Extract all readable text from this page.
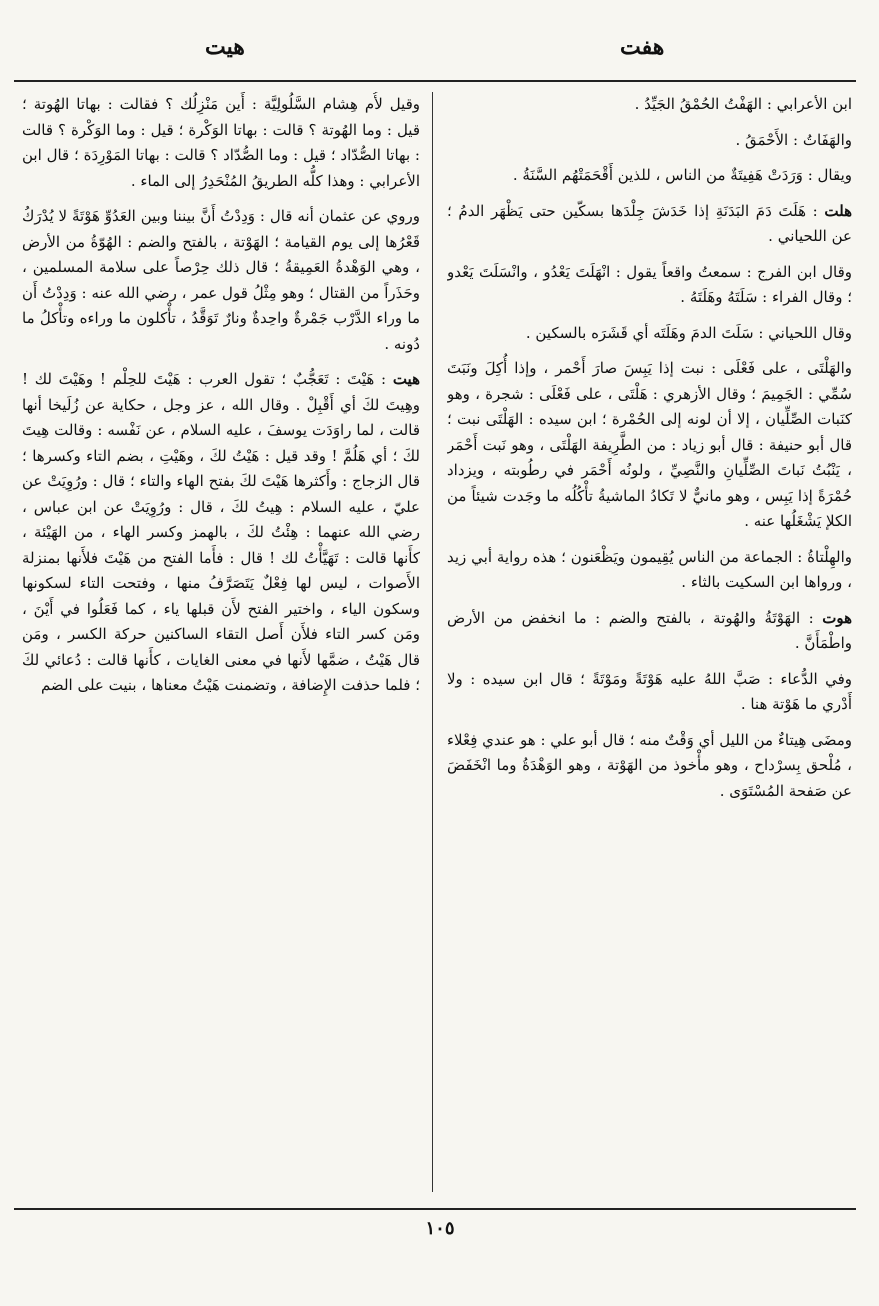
هفت
هيت

ابن الأعرابي : الهَفْتُ الحُمْقُ الجَيِّدُ .

والهَفَاتُ : الأَحْمَقُ .

ويقال : وَرَدَتْ هَفِيتَةٌ من الناس ، للذين أَقْحَمَتْهُم السَّنَةُ .

هلت : هَلَتَ دَمَ البَدَنَةِ إذا خَدَشَ جِلْدَها بسكّين حتى يَظْهَر الدمُ ؛ عن اللحياني .

وقال ابن الفرج : سمعتُ واقعاً يقول : انْهَلَتَ يَعْدُو ، وانْسَلَتَ يَعْدو ؛ وقال الفراء : سَلَتَهُ وهَلَتَهُ .

وقال اللحياني : سَلَتَ الدمَ وهَلَتَه أي قَشَرَه بالسكين .

والهَلْتَى ، على فَعْلَى : نبت إذا يَبِسَ صارَ أَحْمر ، وإذا أُكِلَ ونَبَتَ سُمِّي : الجَمِيمَ ؛ وقال الأزهري : هَلْتَى ، على فَعْلَى : شجرة ، وهو كنَبات الصِّلِّيان ، إلا أن لونه إلى الحُمْرة ؛ ابن سيده : الهَلْتَى نبت ؛ قال أبو حنيفة : قال أبو زياد : من الطَّرِيفة الهَلْتَى ، وهو نَبت أَحْمَر ، يَنْبُتُ نَباتَ الصِّلِّيانِ والنَّصِيِّ ، ولونُه أَحْمَر في رطُوبته ، ويزداد حُمْرَةً إذا يَبِس ، وهو مانيٌّ لا تَكادُ الماشيةُ تأْكُلُه ما وجَدت شيئاً من الكلإ يَشْغَلُها عنه .

والهِلْتاةُ : الجماعة من الناس يُقِيمون ويَظْعَنون ؛ هذه رواية أبي زيد ، ورواها ابن السكيت بالثاء .

هوت : الهَوْتَةُ والهُوتة ، بالفتح والضم : ما انخفض من الأرض واطْمَأَنَّ .

وفي الدُّعاء : صَبَّ اللهُ عليه هَوْتَةً ومَوْتَةً ؛ قال ابن سيده : ولا أَدْري ما هَوْتة هنا .

ومضَى هِيتاءٌ من الليل أي وَقْتٌ منه ؛ قال أبو علي : هو عندي فِعْلاء ، مُلْحق بِسرْداح ، وهو مأْخوذ من الهَوْتة ، وهو الوَهْدَةُ وما انْخَفَضَ عن صَفحة المُسْتَوَى .

وقيل لأُم هِشام السَّلُولِيَّة : أَين مَنْزِلُك ؟ فقالت : بهاتا الهُوتة ؛ قيل : وما الهُوتة ؟ قالت : بهاتا الوَكْرة ؛ قيل : وما الوَكْرة ؟ قالت : بهاتا الصُّدّاد ؛ قيل : وما الصُّدّاد ؟ قالت : بهاتا المَوْرِدَة ؛ قال ابن الأعرابي : وهذا كلُّه الطريقُ المُنْحَدِرُ إلى الماء .

وروي عن عثمان أنه قال : وَدِدْتُ أَنَّ بيننا وبين العَدُوِّ هَوْتَةً لا يُدْرَكُ قَعْرُها إلى يوم القيامة ؛ الهَوْتة ، بالفتح والضم : الهُوّةُ من الأرض ، وهي الوَهْدةُ العَمِيقةُ ؛ قال ذلك حِرْصاً على سلامة المسلمين ، وحَذَراً من القتال ؛ وهو مِثْلُ قول عمر ، رضي الله عنه : وَدِدْتُ أَن ما وراء الدَّرْب جَمْرةٌ واحِدةٌ ونارٌ تَوَقَّدُ ، تأْكلون ما وراءه وتأْكلُ ما دُونه .

هيت : هَيْتَ : تَعَجُّبٌ ؛ تقول العرب : هَيْتَ للحِلْم ! وهَيْتَ لك ! وهِيتَ لكَ أي أَقْبِلْ . وقال الله ، عز وجل ، حكاية عن زُلَيخا أنها قالت ، لما راوَدَت يوسفَ ، عليه السلام ، عن نَفْسه : وقالت هِيتَ لكَ ؛ أي هَلُمَّ ! وقد قيل : هَيْتُ لكَ ، وهَيْتِ ، بضم التاء وكسرها ؛ قال الزجاج : وأَكثرها هَيْتَ لكَ بفتح الهاء والتاء ؛ قال : ورُوِيَتْ عن عليّ ، عليه السلام : هِيتُ لكَ ، قال : ورُوِيَتْ عن ابن عباس ، رضي الله عنهما : هِئْتُ لكَ ، بالهمز وكسر الهاء ، من الهَيْئة ، كأَنها قالت : تَهَيَّأْتُ لك ! قال : فأَما الفتح من هَيْتَ فلأَنها بمنزلة الأَصوات ، ليس لها فِعْلٌ يَتَصَرَّفُ منها ، وفتحت التاء لسكونها وسكون الياء ، واختير الفتح لأَن قبلها ياء ، كما فَعَلُوا في أَيْنَ ، ومَن كسر التاء فلأَن أَصل التقاء الساكنين حركة الكسر ، ومَن قال هَيْتُ ، ضمَّها لأَنها في معنى الغايات ، كأَنها قالت : دُعائي لكَ ؛ فلما حذفت الإِضافة ، وتضمنت هَيْتُ معناها ، بنيت على الضم

١٠٥
